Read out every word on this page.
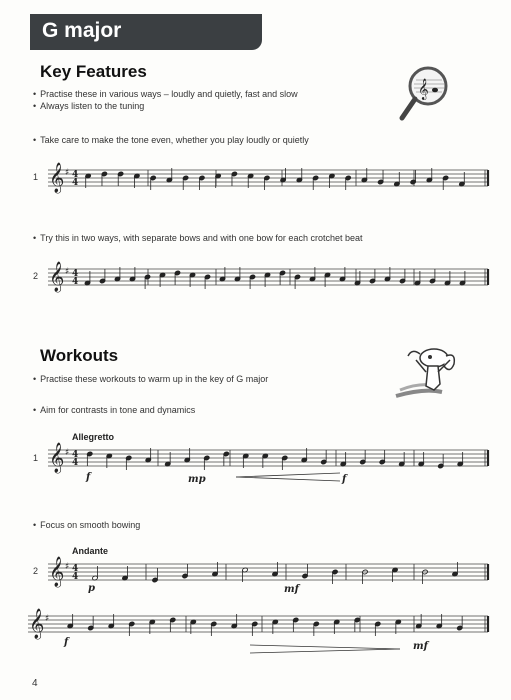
G major
Key Features
𝄞
• Practise these in various ways – loudly and quietly, fast and slow
• Always listen to the tuning
• Take care to make the tone even, whether you play loudly or quietly
1 𝄞 ♯ 4
4
• Try this in two ways, with separate bows and with one bow for each crotchet beat
2 𝄞 ♯ 4
4
Workouts
• Practise these workouts to warm up in the key of G major
• Aim for contrasts in tone and dynamics
Allegretto
1 𝄞 ♯ 4
4
f	mp	f
• Focus on smooth bowing
Andante
2 𝄞 ♯ 4
4
p	mf
𝄞 ♯
f	mf
4
